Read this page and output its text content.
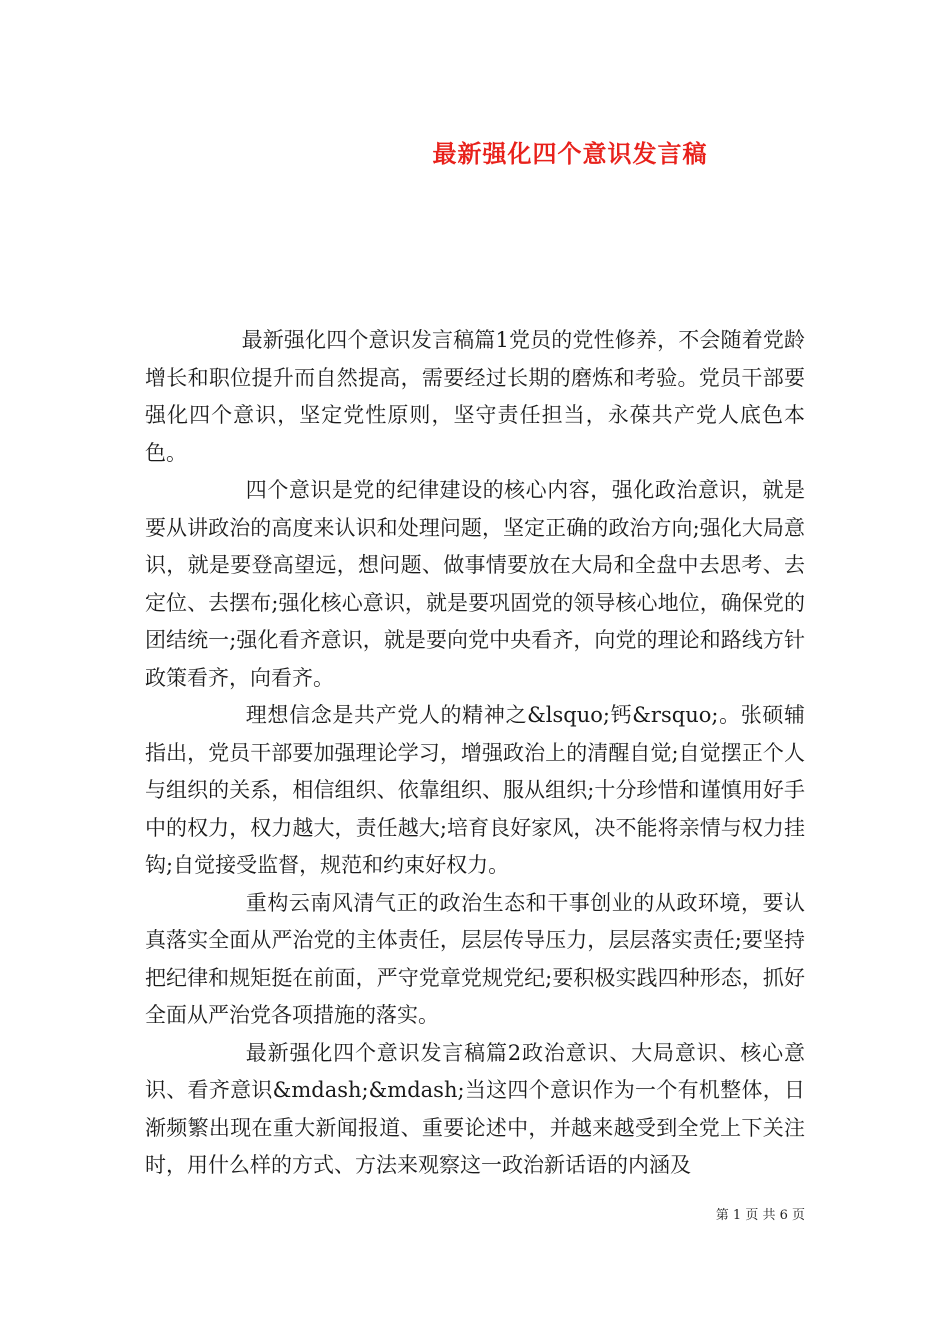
最新强化四个意识发言稿

最新强化四个意识发言稿篇1党员的党性修养，不会随着党龄增长和职位提升而自然提高，需要经过长期的磨炼和考验。党员干部要强化四个意识，坚定党性原则，坚守责任担当，永葆共产党人底色本色。

四个意识是党的纪律建设的核心内容，强化政治意识，就是要从讲政治的高度来认识和处理问题，坚定正确的政治方向;强化大局意识，就是要登高望远，想问题、做事情要放在大局和全盘中去思考、去定位、去摆布;强化核心意识，就是要巩固党的领导核心地位，确保党的团结统一;强化看齐意识，就是要向党中央看齐，向党的理论和路线方针政策看齐，向看齐。

理想信念是共产党人的精神之&lsquo;钙&rsquo;。张硕辅指出，党员干部要加强理论学习，增强政治上的清醒自觉;自觉摆正个人与组织的关系，相信组织、依靠组织、服从组织;十分珍惜和谨慎用好手中的权力，权力越大，责任越大;培育良好家风，决不能将亲情与权力挂钩;自觉接受监督，规范和约束好权力。

重构云南风清气正的政治生态和干事创业的从政环境，要认真落实全面从严治党的主体责任，层层传导压力，层层落实责任;要坚持把纪律和规矩挺在前面，严守党章党规党纪;要积极实践四种形态，抓好全面从严治党各项措施的落实。

最新强化四个意识发言稿篇2政治意识、大局意识、核心意识、看齐意识&mdash;&mdash;当这四个意识作为一个有机整体，日渐频繁出现在重大新闻报道、重要论述中，并越来越受到全党上下关注时，用什么样的方式、方法来观察这一政治新话语的内涵及

第 1 页 共 6 页
